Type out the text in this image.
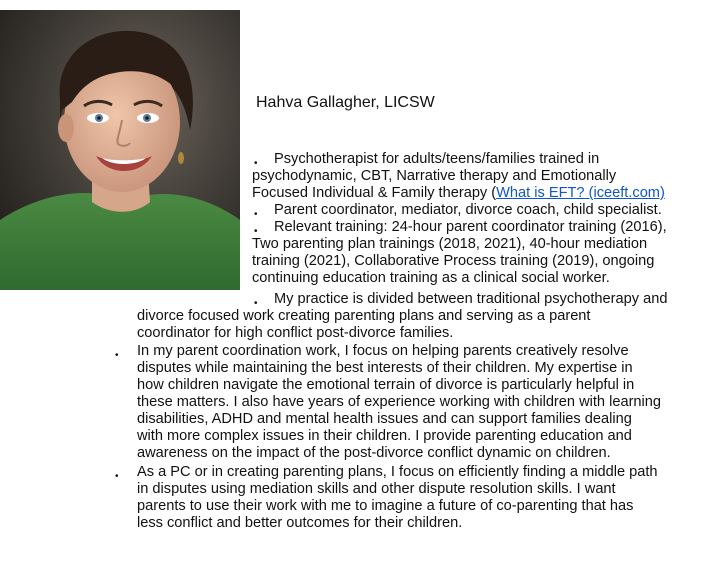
Hahva Gallagher, LICSW
• Psychotherapist for adults/teens/families trained in
psychodynamic, CBT, Narrative therapy and Emotionally
Focused Individual & Family therapy (What is EFT? (iceeft.com)
• Parent coordinator, mediator, divorce coach, child specialist.
• Relevant training: 24-hour parent coordinator training (2016),
Two parenting plan trainings (2018, 2021), 40-hour mediation
training (2021), Collaborative Process training (2019), ongoing
continuing education training as a clinical social worker.
• My practice is divided between traditional psychotherapy and
divorce focused work creating parenting plans and serving as a parent
coordinator for high conflict post-divorce families.
• In my parent coordination work, I focus on helping parents creatively resolve
disputes while maintaining the best interests of their children. My expertise in
how children navigate the emotional terrain of divorce is particularly helpful in
these matters. I also have years of experience working with children with learning
disabilities, ADHD and mental health issues and can support families dealing
with more complex issues in their children. I provide parenting education and
awareness on the impact of the post-divorce conflict dynamic on children.
• As a PC or in creating parenting plans, I focus on efficiently finding a middle path
in disputes using mediation skills and other dispute resolution skills. I want
parents to use their work with me to imagine a future of co-parenting that has
less conflict and better outcomes for their children.
